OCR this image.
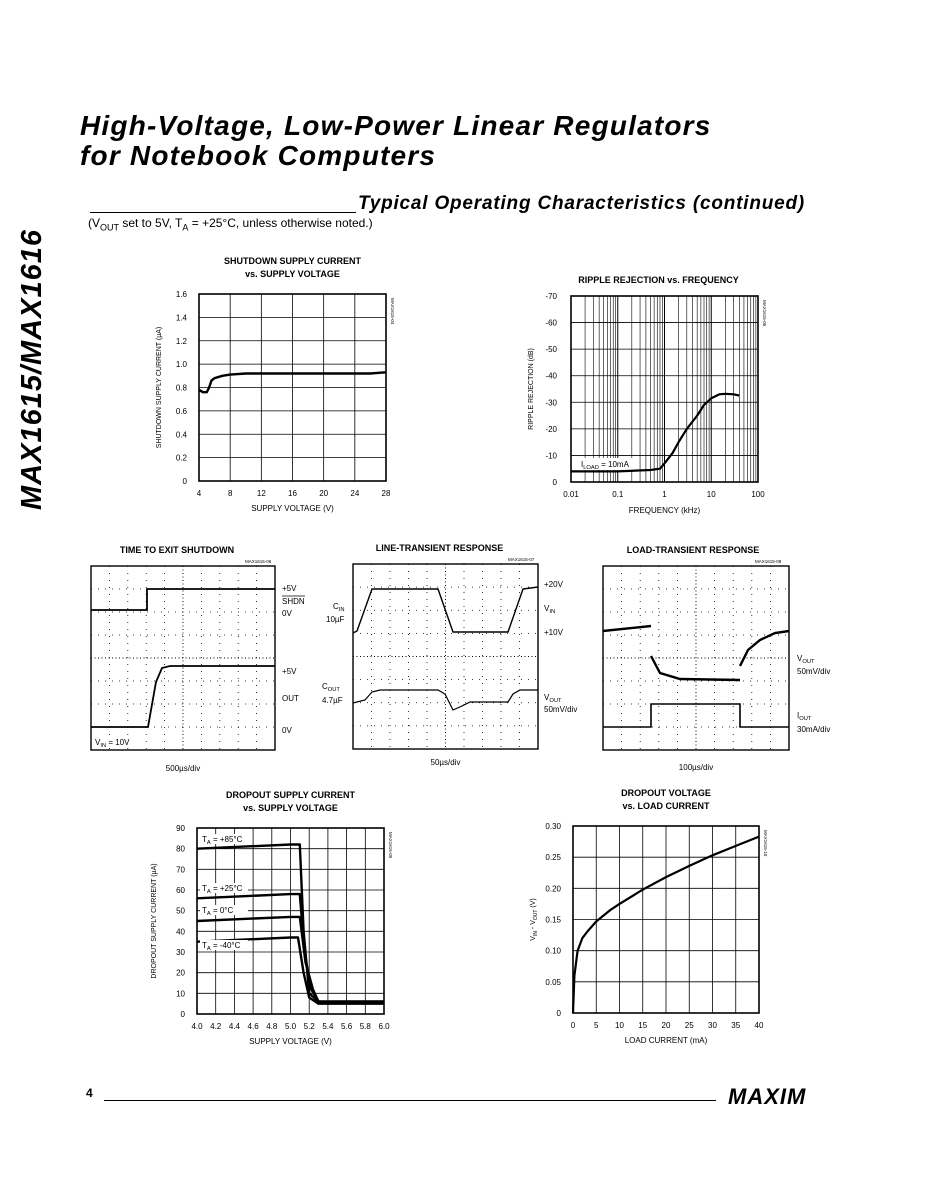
High-Voltage, Low-Power Linear Regulators
for Notebook Computers
MAX1615/MAX1616
Typical Operating Characteristics (continued)
($V_{OUT}$ set to 5V, $T_A = +25^\circ C$, unless otherwise noted.)
4	8	12	16	20	24	28
0
0.2
0.4
0.6
0.8
1.0
1.2
1.4
1.6
SUPPLY VOLTAGE (V)
SHUTDOWN SUPPLY CURRENT
vs. SUPPLY VOLTAGE
MAX1615-04
SHUTDOWN SUPPLY CURRENT (µA)
0.01	0.1	1	10	100
0
-10
-20
-30
-40
-50
-60
-70
FREQUENCY (kHz)
RIPPLE REJECTION (dB)
RIPPLE REJECTION vs. FREQUENCY
MAX1615-05
$I_{LOAD} = 10mA$
TIME TO EXIT SHUTDOWN
MAX1615-06
+5V
SHDN
0V
+5V
OUT
0V
$V_{IN} = 10V$
500µs/div
LINE-TRANSIENT RESPONSE
MAX1615-07
$C_{IN}$
10µF
$C_{OUT}$
4.7µF
+20V
$V_{IN}$
+10V
$V_{OUT}$
50mV/div
50µs/div
LOAD-TRANSIENT RESPONSE
MAX1615-08
$V_{OUT}$
50mV/div
$I_{OUT}$
30mA/div
100µs/div
4.0 4.2 4.4 4.6 4.8 5.0 5.2 5.4 5.6 5.8 6.0
0
10
20
30
40
50
60
70
80
90
SUPPLY VOLTAGE (V)
DROPOUT SUPPLY CURRENT
vs. SUPPLY VOLTAGE
MAX1615-09
DROPOUT SUPPLY CURRENT (µA)
$T_A = +85^\circ C$
$T_A = +25^\circ C$
$T_A = 0^\circ C$
$T_A = -40^\circ C$
0 5 10 15 20 25 30 35 40
0
0.05
0.10
0.15
0.20
0.25
0.30
LOAD CURRENT (mA)
DROPOUT VOLTAGE
vs. LOAD CURRENT
MAX1615-10
$V_{IN} - V_{OUT}$ (V)
4	MAXIM
